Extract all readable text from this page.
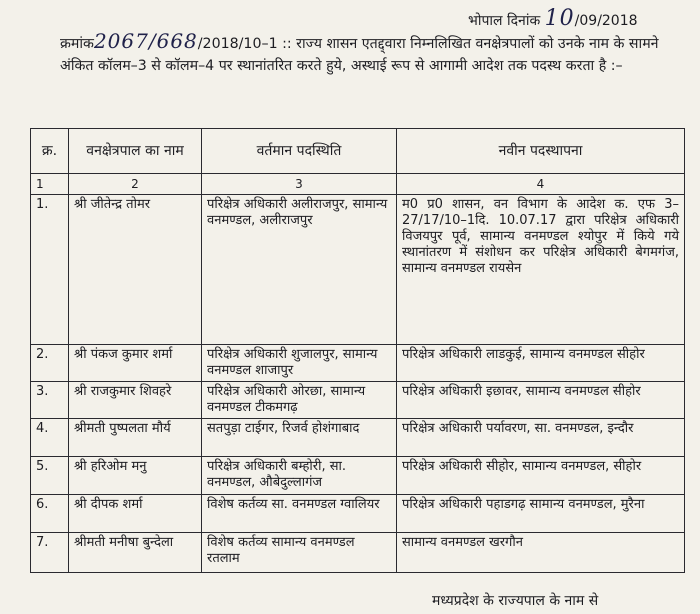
भोपाल दिनांक 10/09/2018
क्रमांक2067/668/2018/10–1 :: राज्य शासन एतद्द्वारा निम्नलिखित वनक्षेत्रपालों को उनके नाम के सामने अंकित कॉलम–3 से कॉलम–4 पर स्थानांतरित करते हुये, अस्थाई रूप से आगामी आदेश तक पदस्थ करता है :–
क्र.	वनक्षेत्रपाल का नाम	वर्तमान पदस्थिति	नवीन पदस्थापना
1	2	3	4
1.	श्री जीतेन्द्र तोमर	परिक्षेत्र अधिकारी अलीराजपुर, सामान्य वनमण्डल, अलीराजपुर	म0 प्र0 शासन, वन विभाग के आदेश क. एफ 3–27/17/10–1दि. 10.07.17 द्वारा परिक्षेत्र अधिकारी विजयपुर पूर्व, सामान्य वनमण्डल श्योपुर में किये गये स्थानांतरण में संशोधन कर परिक्षेत्र अधिकारी बेगमगंज, सामान्य वनमण्डल रायसेन
2.	श्री पंकज कुमार शर्मा	परिक्षेत्र अधिकारी शुजालपुर, सामान्य वनमण्डल शाजापुर	परिक्षेत्र अधिकारी लाडकुई, सामान्य वनमण्डल सीहोर
3.	श्री राजकुमार शिवहरे	परिक्षेत्र अधिकारी ओरछा, सामान्य वनमण्डल टीकमगढ़	परिक्षेत्र अधिकारी इछावर, सामान्य वनमण्डल सीहोर
4.	श्रीमती पुष्पलता मौर्य	सतपुड़ा टाईगर, रिजर्व होशंगाबाद	परिक्षेत्र अधिकारी पर्यावरण, सा. वनमण्डल, इन्दौर
5.	श्री हरिओम मनु	परिक्षेत्र अधिकारी बम्होरी, सा. वनमण्डल, औबेदुल्लागंज	परिक्षेत्र अधिकारी सीहोर, सामान्य वनमण्डल, सीहोर
6.	श्री दीपक शर्मा	विशेष कर्तव्य सा. वनमण्डल ग्वालियर	परिक्षेत्र अधिकारी पहाडगढ़ सामान्य वनमण्डल, मुरैना
7.	श्रीमती मनीषा बुन्देला	विशेष कर्तव्य सामान्य वनमण्डल रतलाम	सामान्य वनमण्डल खरगौन
मध्यप्रदेश के राज्यपाल के नाम से
